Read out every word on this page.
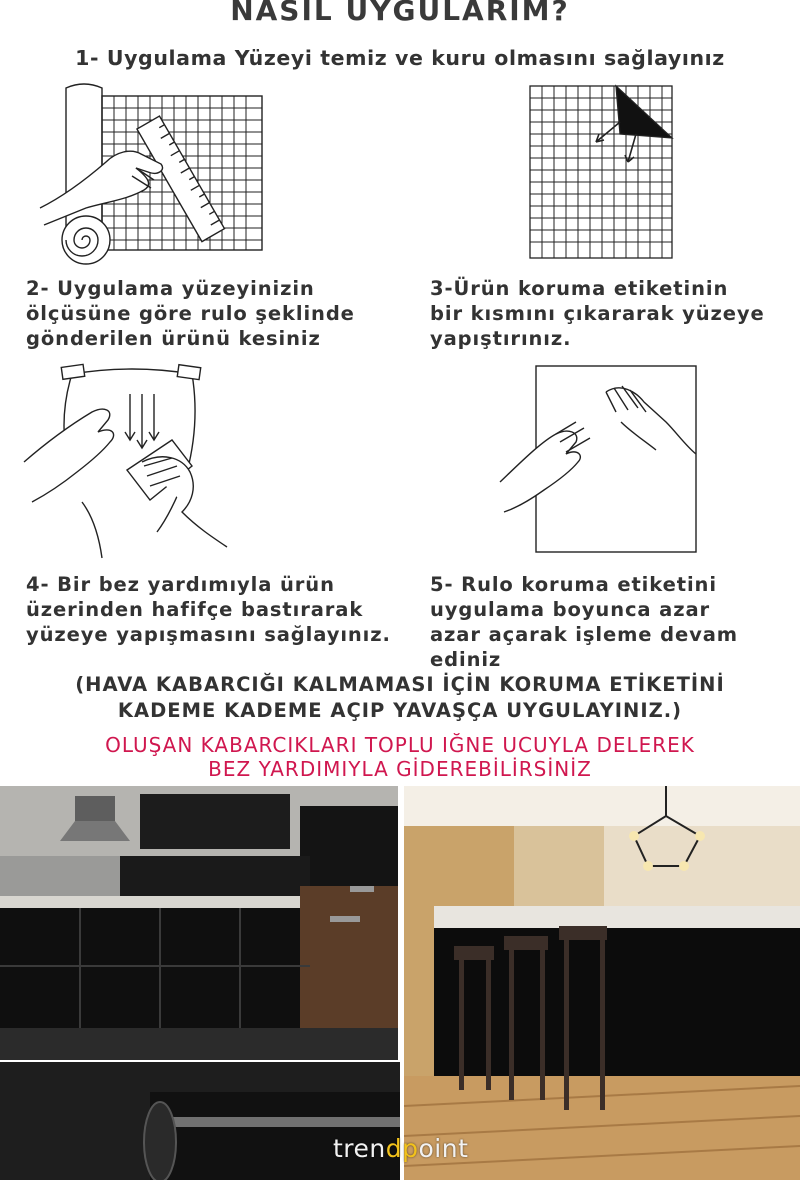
NASIL UYGULARIM?
1- Uygulama Yüzeyi temiz ve kuru olmasını sağlayınız
2- Uygulama yüzeyinizin
ölçüsüne göre rulo şeklinde
gönderilen ürünü kesiniz
3-Ürün koruma etiketinin
bir kısmını çıkararak yüzeye
yapıştırınız.
4- Bir bez yardımıyla ürün
üzerinden hafifçe bastırarak
yüzeye yapışmasını sağlayınız.
5- Rulo koruma etiketini
uygulama boyunca azar
azar açarak işleme devam
ediniz
(HAVA KABARCIĞI KALMAMASI İÇİN KORUMA ETİKETİNİ
KADEME KADEME AÇIP YAVAŞÇA UYGULAYINIZ.)
OLUŞAN KABARCIKLARI TOPLU IĞNE UCUYLA DELEREK
BEZ YARDIMIYLA GİDEREBİLİRSİNİZ
trendpoint
